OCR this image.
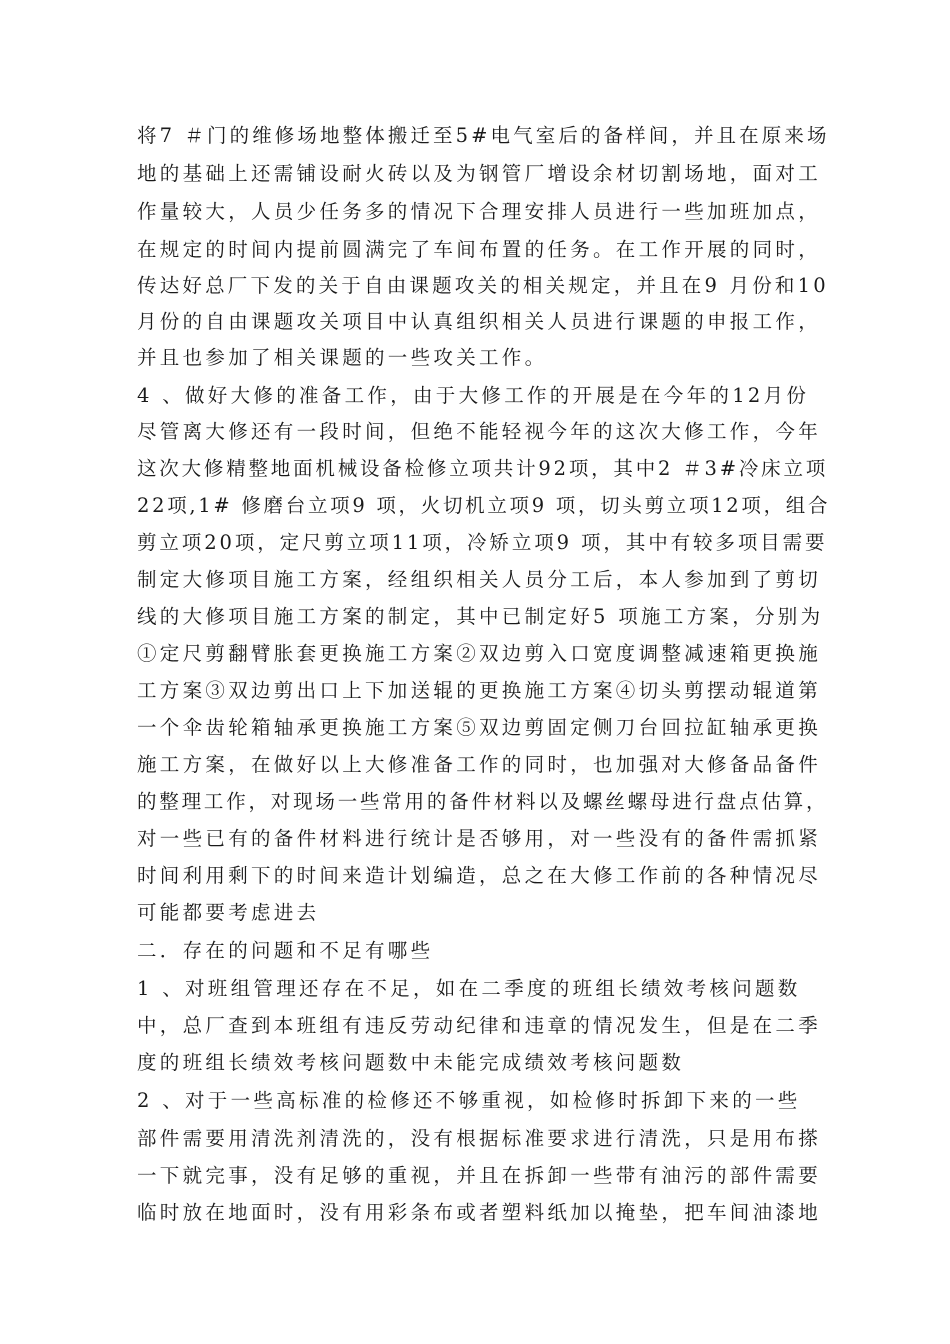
将7 ＃门的维修场地整体搬迁至5#电气室后的备样间，并且在原来场
地的基础上还需铺设耐火砖以及为钢管厂增设余材切割场地，面对工
作量较大，人员少任务多的情况下合理安排人员进行一些加班加点，
在规定的时间内提前圆满完了车间布置的任务。在工作开展的同时，
传达好总厂下发的关于自由课题攻关的相关规定，并且在9 月份和10
月份的自由课题攻关项目中认真组织相关人员进行课题的申报工作，
并且也参加了相关课题的一些攻关工作。
4 、做好大修的准备工作，由于大修工作的开展是在今年的12月份
尽管离大修还有一段时间，但绝不能轻视今年的这次大修工作，今年
这次大修精整地面机械设备检修立项共计92项，其中2 ＃3#冷床立项
22项,1# 修磨台立项9 项，火切机立项9 项，切头剪立项12项，组合
剪立项20项，定尺剪立项11项，冷矫立项9 项，其中有较多项目需要
制定大修项目施工方案，经组织相关人员分工后，本人参加到了剪切
线的大修项目施工方案的制定，其中已制定好5 项施工方案，分别为
①定尺剪翻臂胀套更换施工方案②双边剪入口宽度调整减速箱更换施
工方案③双边剪出口上下加送辊的更换施工方案④切头剪摆动辊道第
一个伞齿轮箱轴承更换施工方案⑤双边剪固定侧刀台回拉缸轴承更换
施工方案，在做好以上大修准备工作的同时，也加强对大修备品备件
的整理工作，对现场一些常用的备件材料以及螺丝螺母进行盘点估算，
对一些已有的备件材料进行统计是否够用，对一些没有的备件需抓紧
时间利用剩下的时间来造计划编造，总之在大修工作前的各种情况尽
可能都要考虑进去
二．存在的问题和不足有哪些
1 、对班组管理还存在不足，如在二季度的班组长绩效考核问题数
中，总厂查到本班组有违反劳动纪律和违章的情况发生，但是在二季
度的班组长绩效考核问题数中未能完成绩效考核问题数
2 、对于一些高标准的检修还不够重视，如检修时拆卸下来的一些
部件需要用清洗剂清洗的，没有根据标准要求进行清洗，只是用布搽
一下就完事，没有足够的重视，并且在拆卸一些带有油污的部件需要
临时放在地面时，没有用彩条布或者塑料纸加以掩垫，把车间油漆地
